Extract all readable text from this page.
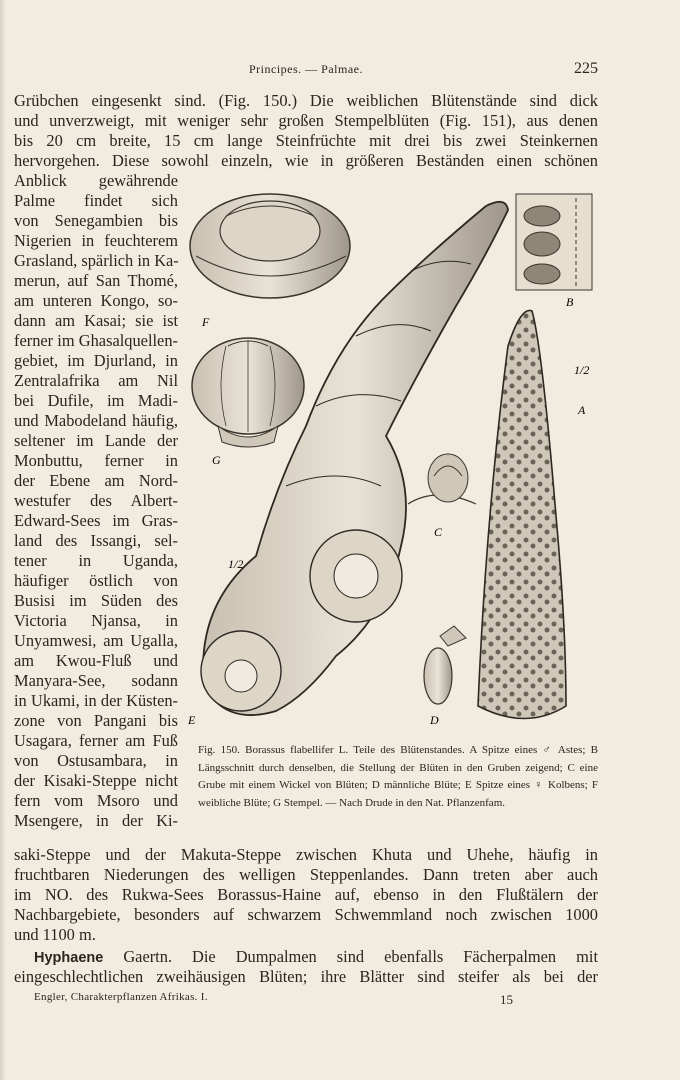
Principes. — Palmae.	225
Grübchen eingesenkt sind. (Fig. 150.) Die weiblichen Blütenstände sind dick
und unverzweigt, mit weniger sehr großen Stempelblüten (Fig. 151), aus denen
bis 20 cm breite, 15 cm lange Steinfrüchte mit drei bis zwei Steinkernen
hervorgehen. Diese sowohl einzeln, wie in größeren Beständen einen schönen
Anblick gewährende
Palme findet sich
von Senegambien bis
Nigerien in feuchterem
Grasland, spärlich in Ka-
merun, auf San Thomé,
am unteren Kongo, so-
dann am Kasai; sie ist
ferner im Ghasalquellen-
gebiet, im Djurland, in
Zentralafrika am Nil
bei Dufile, im Madi-
und Mabodeland häufig,
seltener im Lande der
Monbuttu, ferner in
der Ebene am Nord-
westufer des Albert-
Edward-Sees im Gras-
land des Issangi, sel-
tener in Uganda,
häufiger östlich von
Busisi im Süden des
Victoria Njansa, in
Unyamwesi, am Ugalla,
am Kwou-Fluß und
Manyara-See, sodann
in Ukami, in der Küsten-
zone von Pangani bis
Usagara, ferner am Fuß
von Ostusambara, in
der Kisaki-Steppe nicht
fern vom Msoro und
Msengere, in der Ki-
F
G
B
A
1/2
C
D
E
1/2

Fig. 150. Borassus flabellifer L. Teile des Blütenstandes. A Spitze eines ♂ Astes; B Längsschnitt durch denselben, die Stellung der Blüten in den Gruben zeigend; C eine Grube mit einem Wickel von Blüten; D männliche Blüte; E Spitze eines ♀ Kolbens; F weibliche Blüte; G Stempel. — Nach Drude in den Nat. Pflanzenfam.

saki-Steppe und der Makuta-Steppe zwischen Khuta und Uhehe, häufig in
fruchtbaren Niederungen des welligen Steppenlandes. Dann treten aber auch
im NO. des Rukwa-Sees Borassus-Haine auf, ebenso in den Flußtälern der
Nachbargebiete, besonders auf schwarzem Schwemmland noch zwischen 1000
und 1100 m.
Hyphaene Gaertn. Die Dumpalmen sind ebenfalls Fächerpalmen mit
eingeschlechtlichen zweihäusigen Blüten; ihre Blätter sind steifer als bei der
Engler, Charakterpflanzen Afrikas. I.	15
